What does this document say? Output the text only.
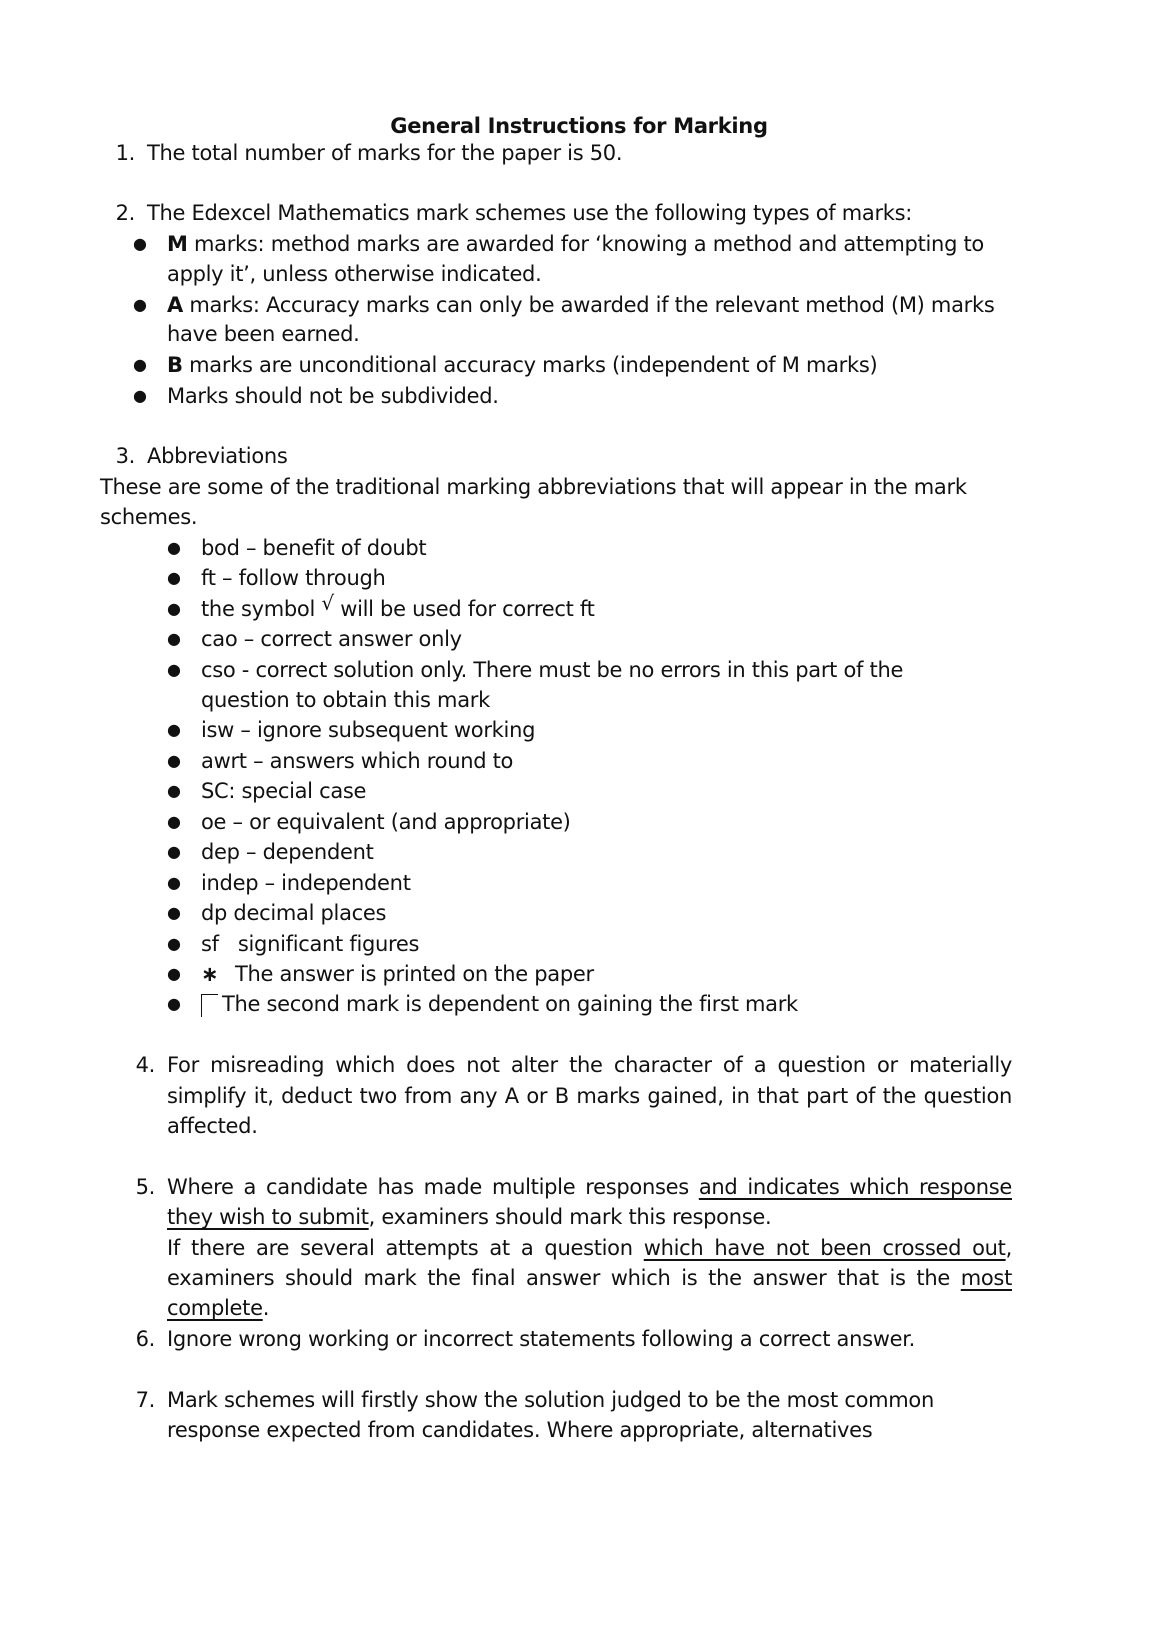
General Instructions for Marking
1. The total number of marks for the paper is 50.
2. The Edexcel Mathematics mark schemes use the following types of marks:
● M marks: method marks are awarded for ‘knowing a method and attempting to
apply it’, unless otherwise indicated.
● A marks: Accuracy marks can only be awarded if the relevant method (M) marks
have been earned.
● B marks are unconditional accuracy marks (independent of M marks)
● Marks should not be subdivided.
3. Abbreviations
These are some of the traditional marking abbreviations that will appear in the mark
schemes.
● bod – benefit of doubt
● ft – follow through
● the symbol √ will be used for correct ft
● cao – correct answer only
● cso - correct solution only. There must be no errors in this part of the
question to obtain this mark
● isw – ignore subsequent working
● awrt – answers which round to
● SC: special case
● oe – or equivalent (and appropriate)
● dep – dependent
● indep – independent
● dp decimal places
● sf   significant figures
● ∗ The answer is printed on the paper
●	The second mark is dependent on gaining the first mark
4. For misreading which does not alter the character of a question or materially
simplify it, deduct two from any A or B marks gained, in that part of the question
affected.
5. Where a candidate has made multiple responses and indicates which response
they wish to submit, examiners should mark this response.
If there are several attempts at a question which have not been crossed out,
examiners should mark the final answer which is the answer that is the most
complete.
6. Ignore wrong working or incorrect statements following a correct answer.
7. Mark schemes will firstly show the solution judged to be the most common
response expected from candidates. Where appropriate, alternatives
